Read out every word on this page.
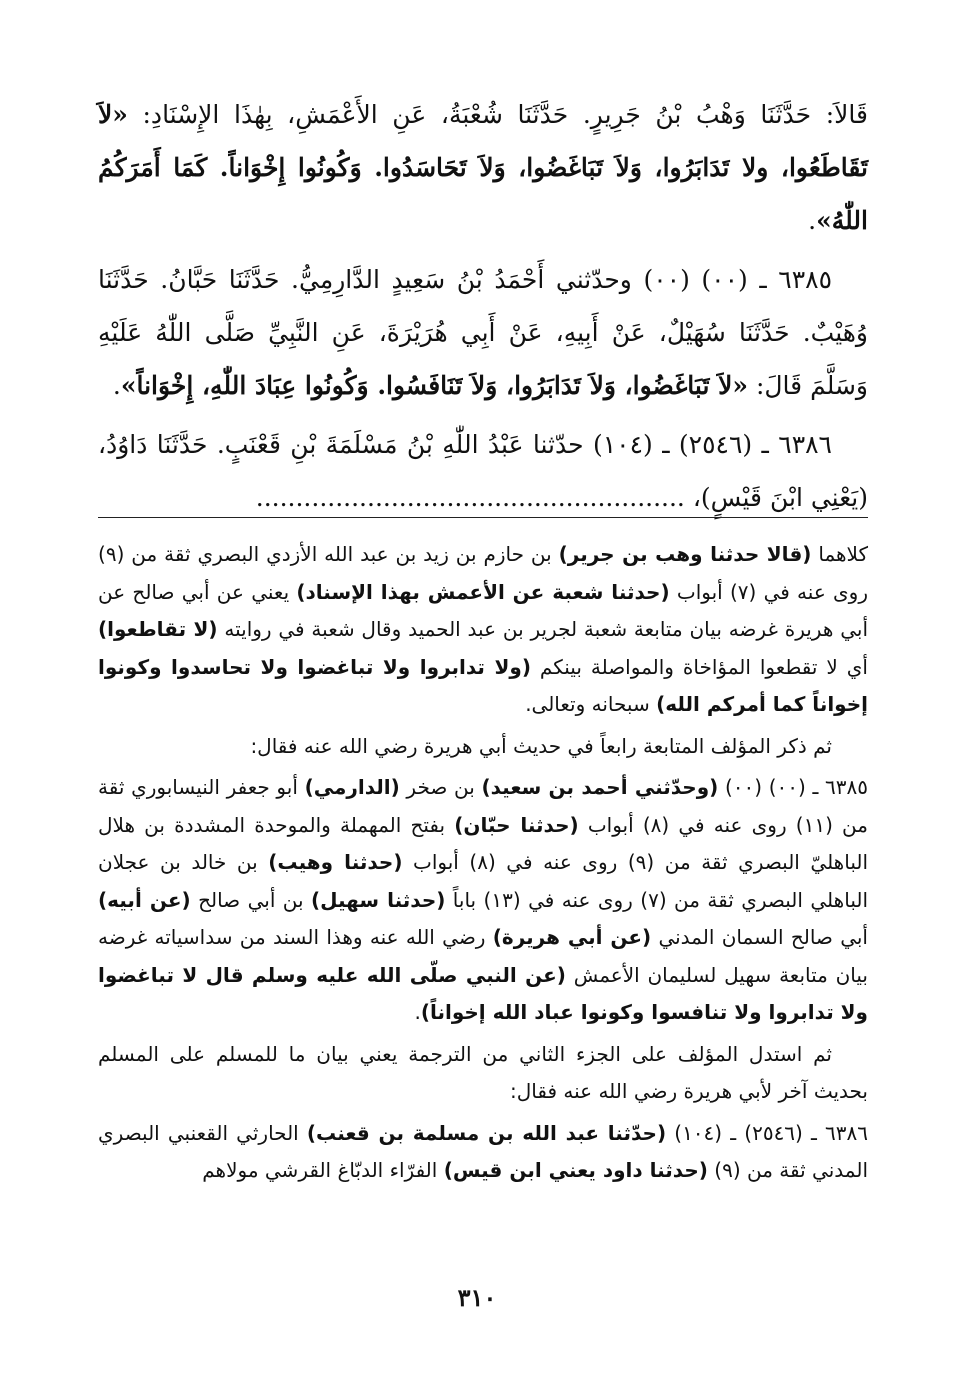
قَالاَ: حَدَّثَنَا وَهْبُ بْنُ جَرِيرٍ. حَدَّثَنَا شُعْبَةُ، عَنِ الأَعْمَشِ، بِهٰذَا الإِسْنَادِ: «لاَ تَقَاطَعُوا، ولا تَدَابَرُوا، وَلاَ تَبَاغَضُوا، وَلاَ تَحَاسَدُوا. وَكُونُوا إِخْوَاناً. كَمَا أَمَرَكُمُ اللّٰهُ».

٦٣٨٥ ـ (٠٠) (٠٠) وحدّثني أَحْمَدُ بْنُ سَعِيدٍ الدَّارِمِيُّ. حَدَّثَنَا حَبَّانُ. حَدَّثَنَا وُهَيْبٌ. حَدَّثَنَا سُهَيْلٌ، عَنْ أَبِيهِ، عَنْ أَبِي هُرَيْرَةَ، عَنِ النَّبِيِّ صَلَّى اللّٰهُ عَلَيْهِ وَسَلَّمَ قَالَ: «لاَ تَبَاغَضُوا، وَلاَ تَدَابَرُوا، وَلاَ تَنَافَسُوا. وَكُونُوا عِبَادَ اللّٰهِ، إِخْوَاناً».

٦٣٨٦ ـ (٢٥٤٦) ـ (١٠٤) حدّثنا عَبْدُ اللّٰهِ بْنُ مَسْلَمَةَ بْنِ قَعْنَبٍ. حَدَّثَنَا دَاوُدُ، (يَعْنِي ابْنَ قَيْسٍ)، ......................................................

كلاهما (قالا حدثنا وهب بن جرير) بن حازم بن زيد بن عبد الله الأزدي البصري ثقة من (٩) روى عنه في (٧) أبواب (حدثنا شعبة عن الأعمش بهذا الإسناد) يعني عن أبي صالح عن أبي هريرة غرضه بيان متابعة شعبة لجرير بن عبد الحميد وقال شعبة في روايته (لا تقاطعوا) أي لا تقطعوا المؤاخاة والمواصلة بينكم (ولا تدابروا ولا تباغضوا ولا تحاسدوا وكونوا إخواناً كما أمركم الله) سبحانه وتعالى.

ثم ذكر المؤلف المتابعة رابعاً في حديث أبي هريرة رضي الله عنه فقال:

٦٣٨٥ ـ (٠٠) (٠٠) (وحدّثني أحمد بن سعيد) بن صخر (الدارمي) أبو جعفر النيسابوري ثقة من (١١) روى عنه في (٨) أبواب (حدثنا حبّان) بفتح المهملة والموحدة المشددة بن هلال الباهليّ البصري ثقة من (٩) روى عنه في (٨) أبواب (حدثنا وهيب) بن خالد بن عجلان الباهلي البصري ثقة من (٧) روى عنه في (١٣) باباً (حدثنا سهيل) بن أبي صالح (عن أبيه) أبي صالح السمان المدني (عن أبي هريرة) رضي الله عنه وهذا السند من سداسياته غرضه بيان متابعة سهيل لسليمان الأعمش (عن النبي صلّى الله عليه وسلم قال لا تباغضوا ولا تدابروا ولا تنافسوا وكونوا عباد الله إخواناً).

ثم استدل المؤلف على الجزء الثاني من الترجمة يعني بيان ما للمسلم على المسلم بحديث آخر لأبي هريرة رضي الله عنه فقال:

٦٣٨٦ ـ (٢٥٤٦) ـ (١٠٤) (حدّثنا عبد الله بن مسلمة بن قعنب) الحارثي القعنبي البصري المدني ثقة من (٩) (حدثنا داود يعني ابن قيس) الفرّاء الدبّاغ القرشي مولاهم

٣١٠
